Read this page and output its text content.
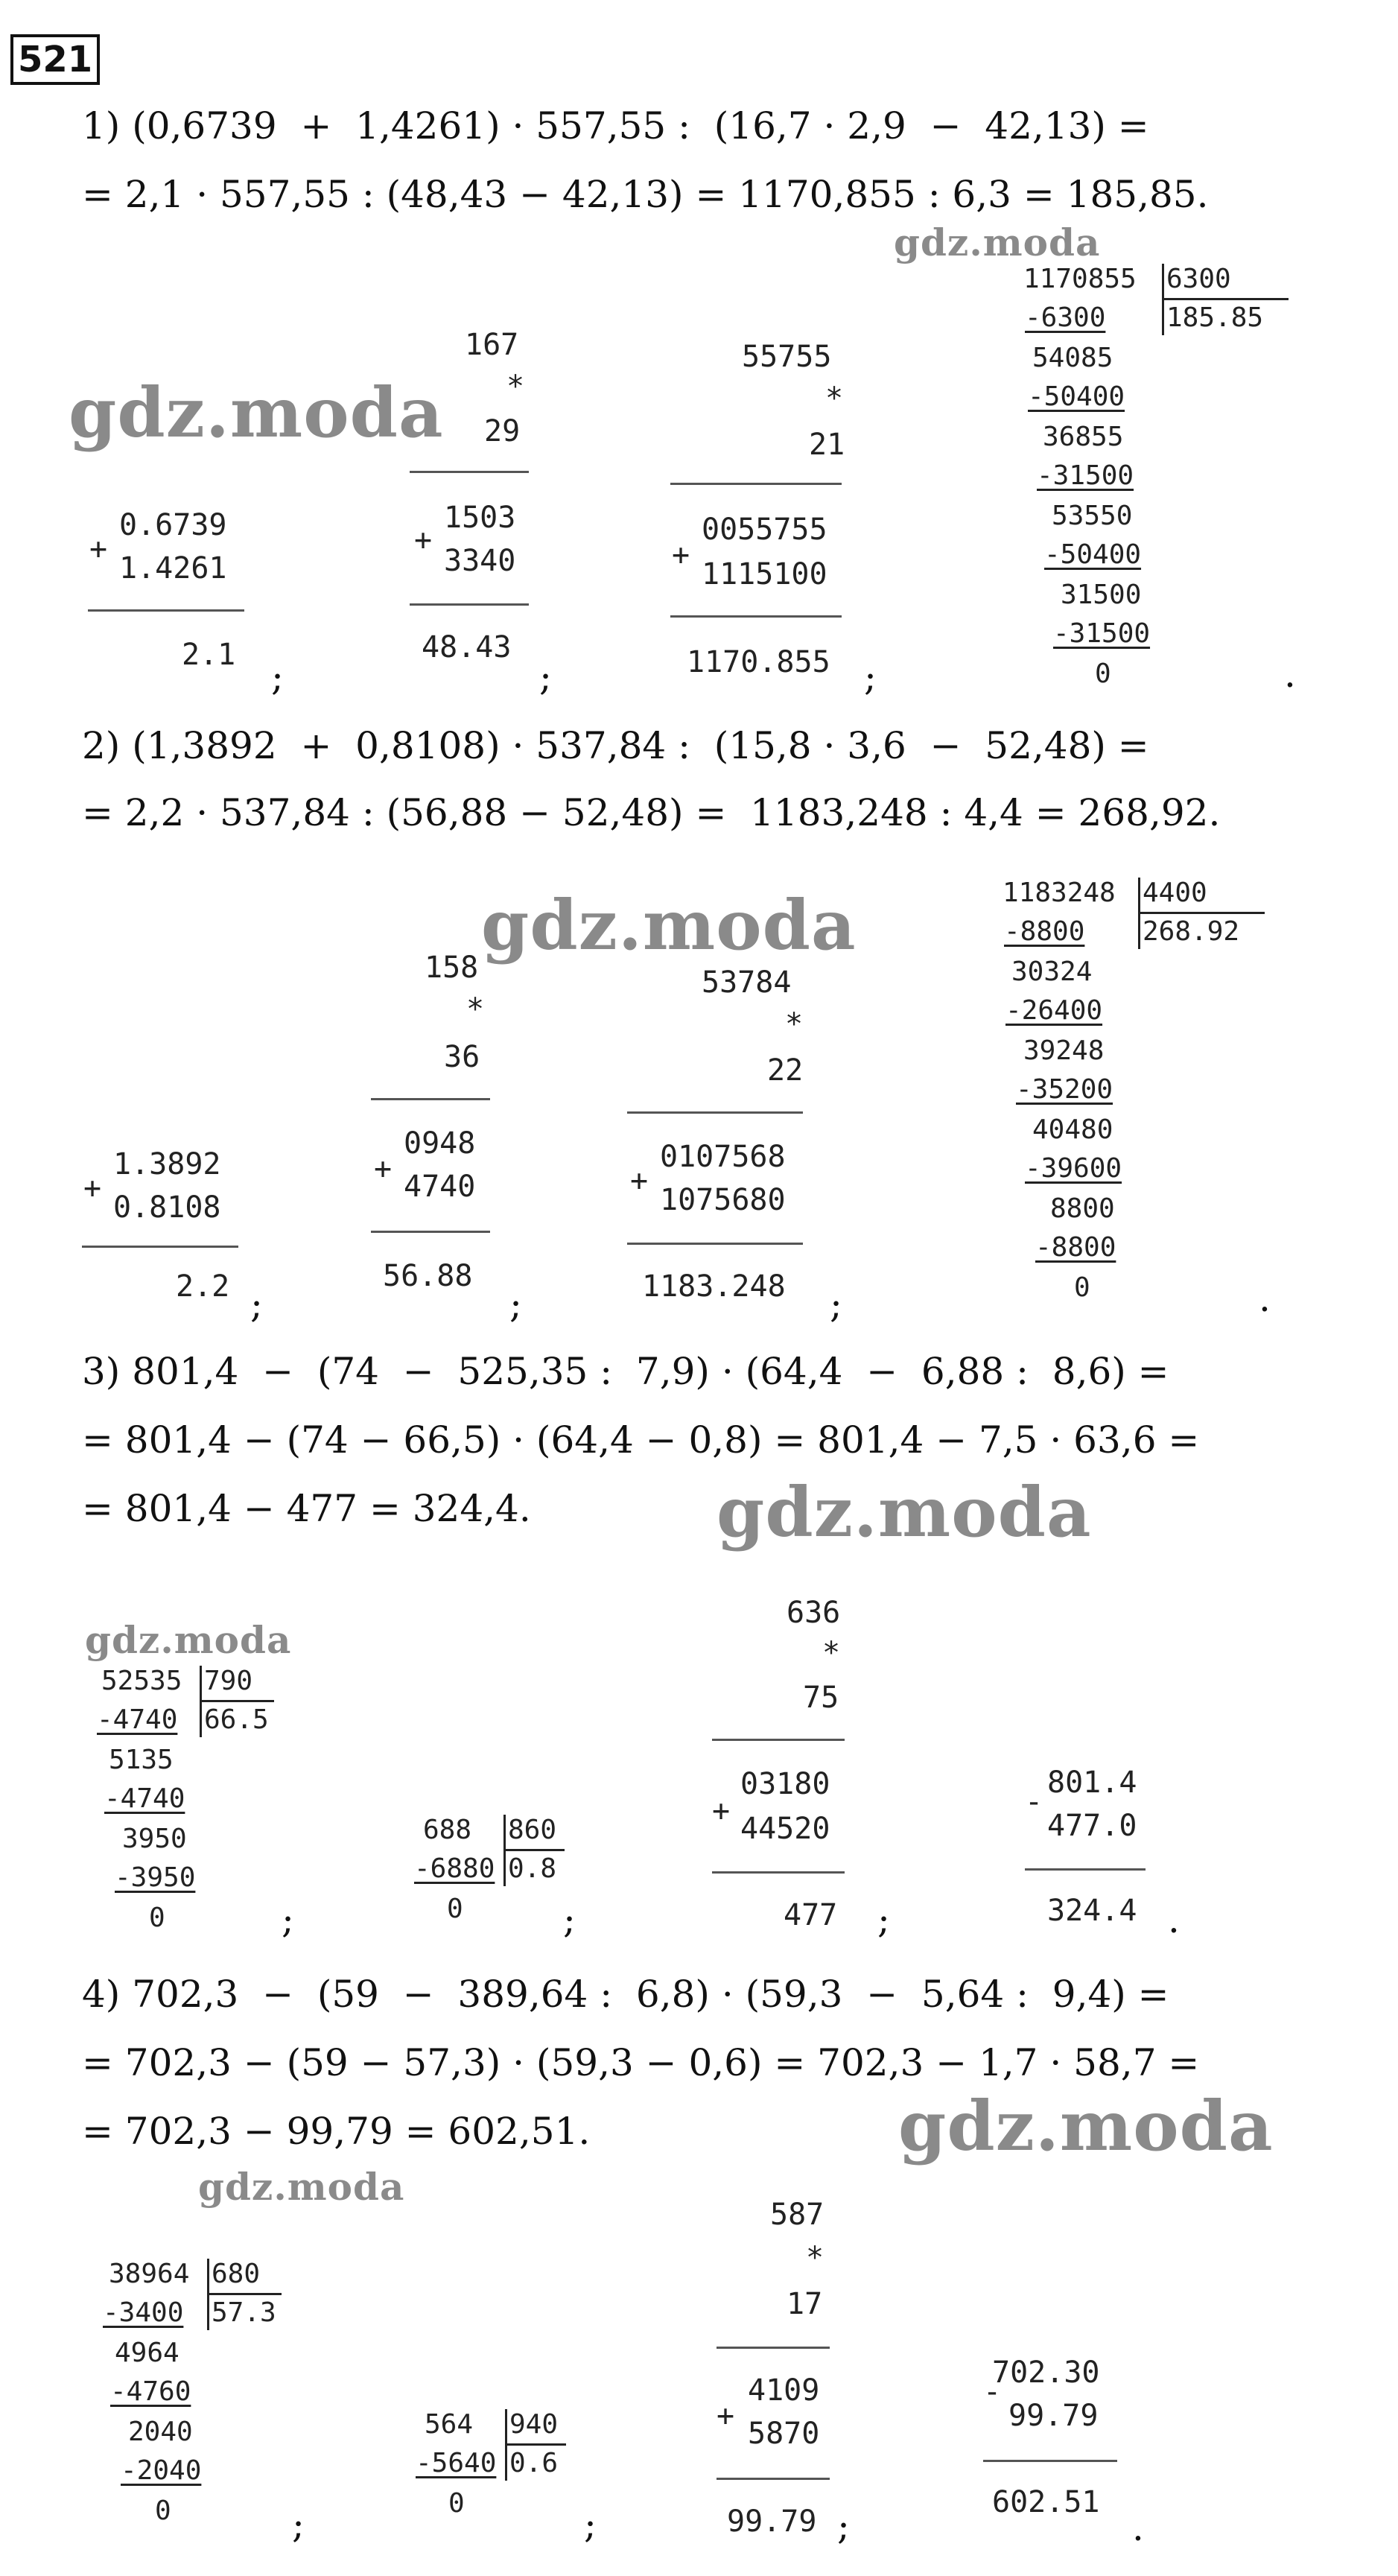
521
1) (0,6739  +  1,4261) · 557,55 :  (16,7 · 2,9  −  42,13) =
= 2,1 · 557,55 : (48,43 − 42,13) = 1170,855 : 6,3 = 185,85.
gdz.moda
gdz.moda
0.6739
+
1.4261
2.1
;
167
*
29
1503
+
3340
48.43
;
55755
*
21
0055755
+
1115100
1170.855 ;
1170855 6300
185.85
-6300
54085
-50400
36855
-31500
53550
-50400
31500
-31500
0	.
2) (1,3892  +  0,8108) · 537,84 :  (15,8 · 3,6  −  52,48) =
= 2,2 · 537,84 : (56,88 − 52,48) =  1183,248 : 4,4 = 268,92.
gdz.moda
1.3892
+
0.8108
2.2 ;
158
*
36
0948
+
4740
56.88
;
53784
*
22
0107568
+
1075680
1183.248 ;
1183248 4400
268.92
-8800
30324
-26400
39248
-35200
40480
-39600
8800
-8800
0	.
3) 801,4  −  (74  −  525,35 :  7,9) · (64,4  −  6,88 :  8,6) =
= 801,4 − (74 − 66,5) · (64,4 − 0,8) = 801,4 − 7,5 · 63,6 =
= 801,4 − 477 = 324,4.	gdz.moda
gdz.moda
52535 790
66.5
-4740
5135
-4740
3950
-3950
0	;
688 860
0.8
-6880
0	;
636
*
75
03180
+
44520
477 ;
801.4
-
477.0
324.4 .
4) 702,3  −  (59  −  389,64 :  6,8) · (59,3  −  5,64 :  9,4) =
= 702,3 − (59 − 57,3) · (59,3 − 0,6) = 702,3 − 1,7 · 58,7 =
= 702,3 − 99,79 = 602,51.	gdz.moda
gdz.moda
38964 680
57.3
-3400
4964
-4760
2040
-2040
0	;
564 940
0.6
-5640
0	;
587
*
17
4109
+
5870
99.79 ;
702.30
-
99.79
602.51
.
